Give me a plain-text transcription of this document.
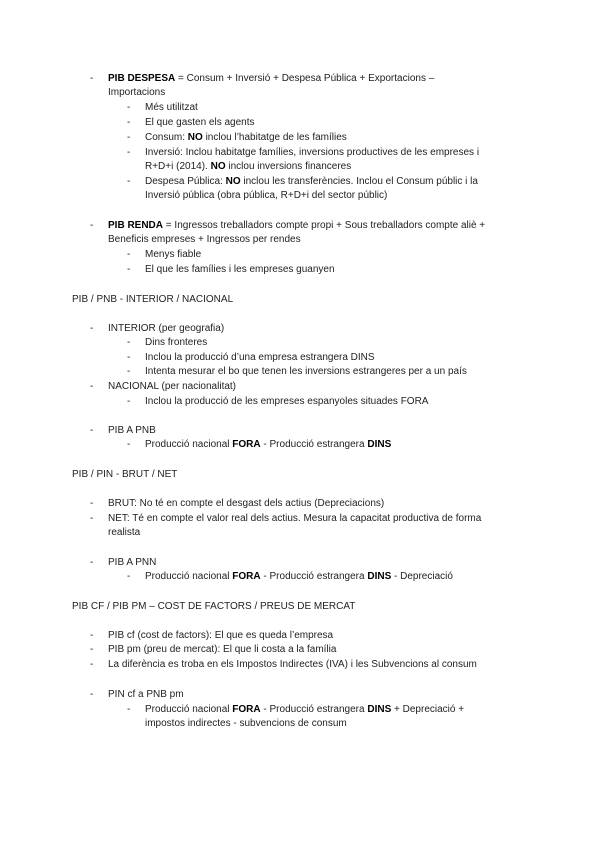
- PIB DESPESA = Consum + Inversió + Despesa Pública + Exportacions –
Importacions
- Més utilitzat
- El que gasten els agents
- Consum: NO inclou l’habitatge de les famílies
- Inversió: Inclou habitatge famílies, inversions productives de les empreses i
R+D+i (2014). NO inclou inversions financeres
- Despesa Pública: NO inclou les transferències. Inclou el Consum públic i la
Inversió pública (obra pública, R+D+i del sector públic)
- PIB RENDA = Ingressos treballadors compte propi + Sous treballadors compte aliè +
Beneficis empreses + Ingressos per rendes
- Menys fiable
- El que les famílies i les empreses guanyen
PIB / PNB - INTERIOR / NACIONAL
- INTERIOR (per geografia)
- Dins fronteres
- Inclou la producció d’una empresa estrangera DINS
- Intenta mesurar el bo que tenen les inversions estrangeres per a un país
- NACIONAL (per nacionalitat)
- Inclou la producció de les empreses espanyoles situades FORA
- PIB A PNB
- Producció nacional FORA - Producció estrangera DINS
PIB / PIN - BRUT / NET
- BRUT: No té en compte el desgast dels actius (Depreciacions)
- NET: Té en compte el valor real dels actius. Mesura la capacitat productiva de forma
realista
- PIB A PNN
- Producció nacional FORA - Producció estrangera DINS - Depreciació
PIB CF / PIB PM – COST DE FACTORS / PREUS DE MERCAT
- PIB cf (cost de factors): El que es queda l’empresa
- PIB pm (preu de mercat): El que li costa a la família
- La diferència es troba en els Impostos Indirectes (IVA) i les Subvencions al consum
- PIN cf a PNB pm
- Producció nacional FORA - Producció estrangera DINS + Depreciació +
impostos indirectes - subvencions de consum
